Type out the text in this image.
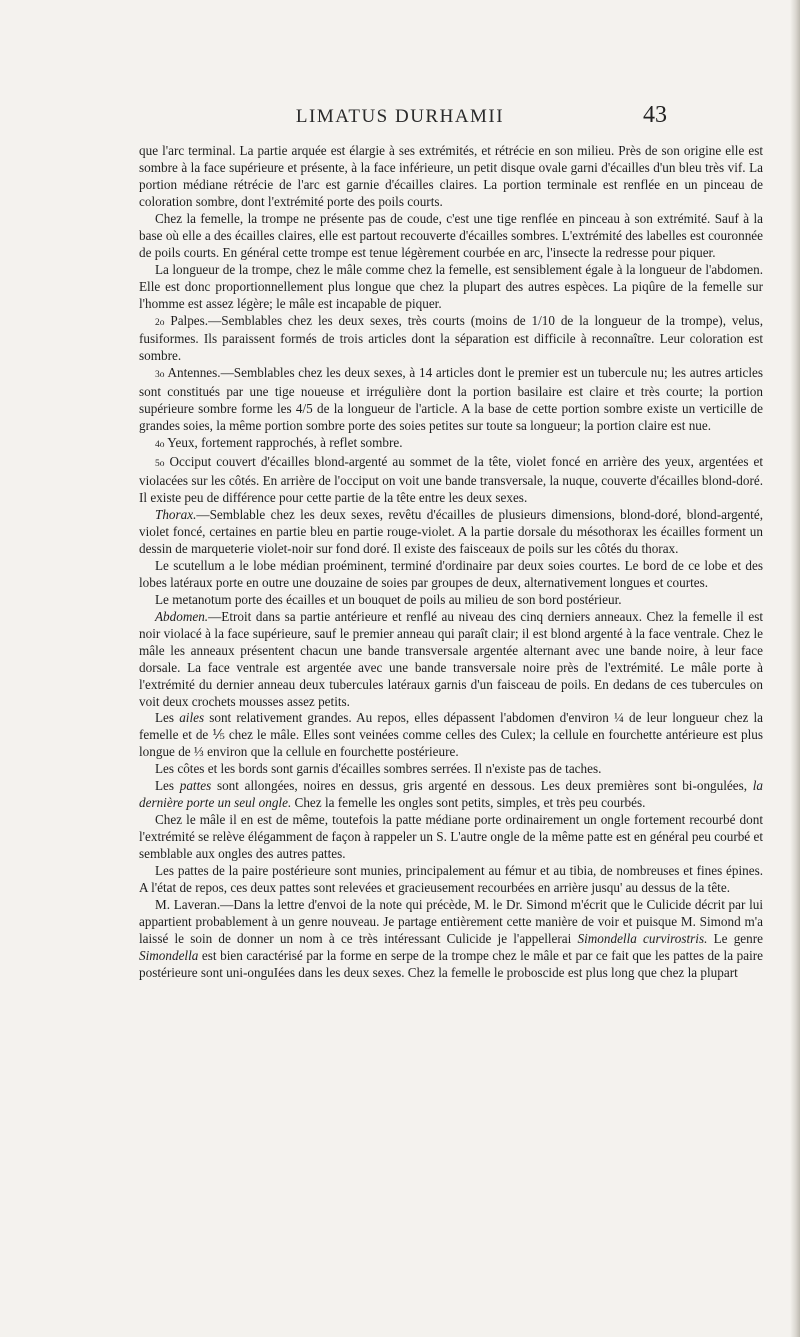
LIMATUS DURHAMII	43

que l'arc terminal. La partie arquée est élargie à ses extrémités, et rétrécie en son milieu. Près de son origine elle est sombre à la face supérieure et présente, à la face inférieure, un petit disque ovale garni d'écailles d'un bleu très vif. La portion médiane rétrécie de l'arc est garnie d'écailles claires. La portion terminale est renflée en un pinceau de coloration sombre, dont l'extrémité porte des poils courts.

Chez la femelle, la trompe ne présente pas de coude, c'est une tige renflée en pinceau à son extrémité. Sauf à la base où elle a des écailles claires, elle est partout recouverte d'écailles sombres. L'extrémité des labelles est couronnée de poils courts. En général cette trompe est tenue légèrement courbée en arc, l'insecte la redresse pour piquer.

La longueur de la trompe, chez le mâle comme chez la femelle, est sensiblement égale à la longueur de l'abdomen. Elle est donc proportionnellement plus longue que chez la plupart des autres espèces. La piqûre de la femelle sur l'homme est assez légère; le mâle est incapable de piquer.

2o Palpes.—Semblables chez les deux sexes, très courts (moins de 1/10 de la longueur de la trompe), velus, fusiformes. Ils paraissent formés de trois articles dont la séparation est difficile à reconnaître. Leur coloration est sombre.

3o Antennes.—Semblables chez les deux sexes, à 14 articles dont le premier est un tubercule nu; les autres articles sont constitués par une tige noueuse et irrégulière dont la portion basilaire est claire et très courte; la portion supérieure sombre forme les 4/5 de la longueur de l'article. A la base de cette portion sombre existe un verticille de grandes soies, la même portion sombre porte des soies petites sur toute sa longueur; la portion claire est nue.

4o Yeux, fortement rapprochés, à reflet sombre.

5o Occiput couvert d'écailles blond-argenté au sommet de la tête, violet foncé en arrière des yeux, argentées et violacées sur les côtés. En arrière de l'occiput on voit une bande transversale, la nuque, couverte d'écailles blond-doré. Il existe peu de différence pour cette partie de la tête entre les deux sexes.

Thorax.—Semblable chez les deux sexes, revêtu d'écailles de plusieurs dimensions, blond-doré, blond-argenté, violet foncé, certaines en partie bleu en partie rouge-violet. A la partie dorsale du mésothorax les écailles forment un dessin de marqueterie violet-noir sur fond doré. Il existe des faisceaux de poils sur les côtés du thorax.

Le scutellum a le lobe médian proéminent, terminé d'ordinaire par deux soies courtes. Le bord de ce lobe et des lobes latéraux porte en outre une douzaine de soies par groupes de deux, alternativement longues et courtes.

Le metanotum porte des écailles et un bouquet de poils au milieu de son bord postérieur.

Abdomen.—Etroit dans sa partie antérieure et renflé au niveau des cinq derniers anneaux. Chez la femelle il est noir violacé à la face supérieure, sauf le premier anneau qui paraît clair; il est blond argenté à la face ventrale. Chez le mâle les anneaux présentent chacun une bande transversale argentée alternant avec une bande noire, à leur face dorsale. La face ventrale est argentée avec une bande transversale noire près de l'extrémité. Le mâle porte à l'extrémité du dernier anneau deux tubercules latéraux garnis d'un faisceau de poils. En dedans de ces tubercules on voit deux crochets mousses assez petits.

Les ailes sont relativement grandes. Au repos, elles dépassent l'abdomen d'environ ¼ de leur longueur chez la femelle et de ⅕ chez le mâle. Elles sont veinées comme celles des Culex; la cellule en fourchette antérieure est plus longue de ⅓ environ que la cellule en fourchette postérieure.

Les côtes et les bords sont garnis d'écailles sombres serrées. Il n'existe pas de taches.

Les pattes sont allongées, noires en dessus, gris argenté en dessous. Les deux premières sont bi-ongulées, la dernière porte un seul ongle. Chez la femelle les ongles sont petits, simples, et très peu courbés.

Chez le mâle il en est de même, toutefois la patte médiane porte ordinairement un ongle fortement recourbé dont l'extrémité se relève élégamment de façon à rappeler un S. L'autre ongle de la même patte est en général peu courbé et semblable aux ongles des autres pattes.

Les pattes de la paire postérieure sont munies, principalement au fémur et au tibia, de nombreuses et fines épines. A l'état de repos, ces deux pattes sont relevées et gracieusement recourbées en arrière jusqu' au dessus de la tête.

M. Laveran.—Dans la lettre d'envoi de la note qui précède, M. le Dr. Simond m'écrit que le Culicide décrit par lui appartient probablement à un genre nouveau. Je partage entièrement cette manière de voir et puisque M. Simond m'a laissé le soin de donner un nom à ce très intéressant Culicide je l'appellerai Simondella curvirostris. Le genre Simondella est bien caractérisé par la forme en serpe de la trompe chez le mâle et par ce fait que les pattes de la paire postérieure sont uni-onguIées dans les deux sexes. Chez la femelle le proboscide est plus long que chez la plupart
